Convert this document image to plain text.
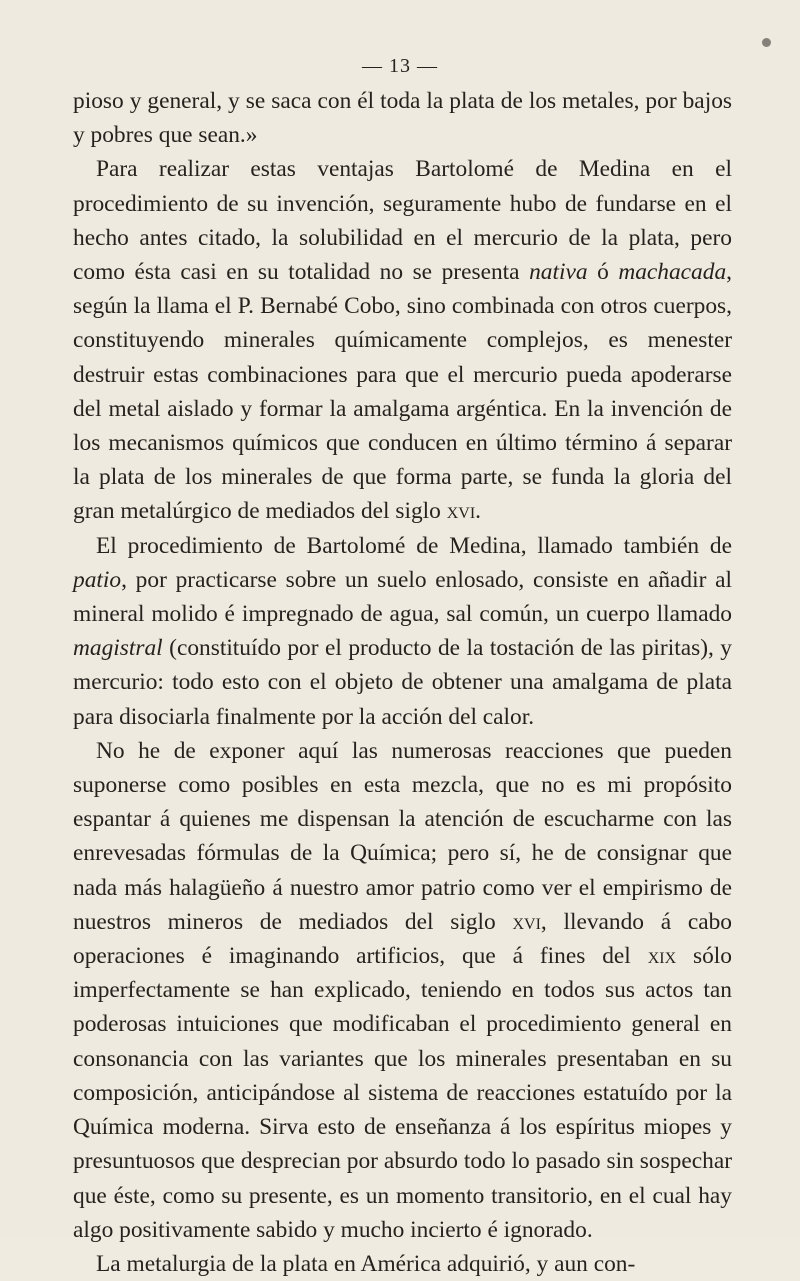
— 13 —

pioso y general, y se saca con él toda la plata de los metales, por bajos y pobres que sean.»

Para realizar estas ventajas Bartolomé de Medina en el procedimiento de su invención, seguramente hubo de fundarse en el hecho antes citado, la solubilidad en el mercurio de la plata, pero como ésta casi en su totalidad no se presenta nativa ó machacada, según la llama el P. Bernabé Cobo, sino combinada con otros cuerpos, constituyendo minerales químicamente complejos, es menester destruir estas combinaciones para que el mercurio pueda apoderarse del metal aislado y formar la amalgama argéntica. En la invención de los mecanismos químicos que conducen en último término á separar la plata de los minerales de que forma parte, se funda la gloria del gran metalúrgico de mediados del siglo xvi.

El procedimiento de Bartolomé de Medina, llamado también de patio, por practicarse sobre un suelo enlosado, consiste en añadir al mineral molido é impregnado de agua, sal común, un cuerpo llamado magistral (constituído por el producto de la tostación de las piritas), y mercurio: todo esto con el objeto de obtener una amalgama de plata para disociarla finalmente por la acción del calor.

No he de exponer aquí las numerosas reacciones que pueden suponerse como posibles en esta mezcla, que no es mi propósito espantar á quienes me dispensan la atención de escucharme con las enrevesadas fórmulas de la Química; pero sí, he de consignar que nada más halagüeño á nuestro amor patrio como ver el empirismo de nuestros mineros de mediados del siglo xvi, llevando á cabo operaciones é imaginando artificios, que á fines del xix sólo imperfectamente se han explicado, teniendo en todos sus actos tan poderosas intuiciones que modificaban el procedimiento general en consonancia con las variantes que los minerales presentaban en su composición, anticipándose al sistema de reacciones estatuído por la Química moderna. Sirva esto de enseñanza á los espíritus miopes y presuntuosos que desprecian por absurdo todo lo pasado sin sospechar que éste, como su presente, es un momento transitorio, en el cual hay algo positivamente sabido y mucho incierto é ignorado.

La metalurgia de la plata en América adquirió, y aun con-
